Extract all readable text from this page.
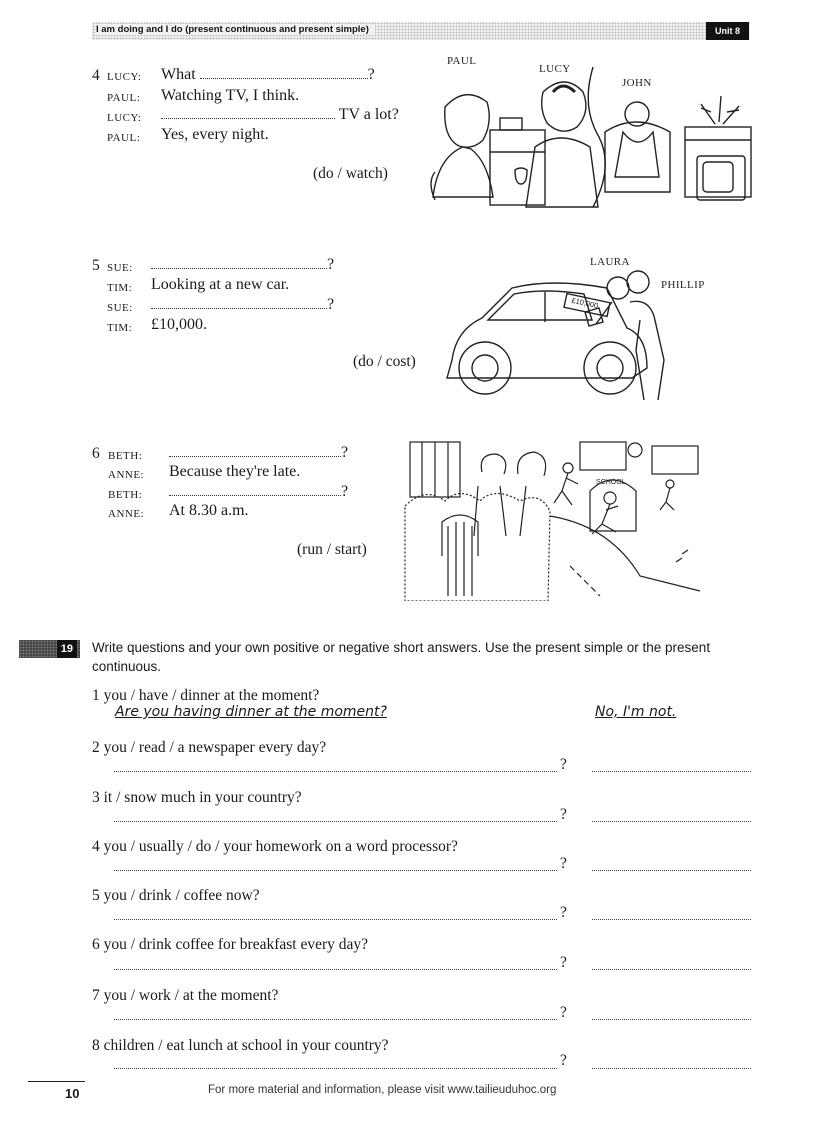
I am doing and I do (present continuous and present simple)	Unit 8
4 LUCY: What	?
PAUL: Watching TV, I think.
LUCY:	TV a lot?
PAUL: Yes, every night.
(do / watch)
PAUL
LUCY
JOHN
5 SUE:	?
TIM: Looking at a new car.
SUE:	?
TIM: £10,000.
(do / cost)
LAURA
PHILLIP
£10,000
6 BETH:	?
ANNE: Because they're late.
BETH:	?
ANNE: At 8.30 a.m.
(run / start)
SCHOOL
19 Write questions and your own positive or negative short answers. Use the present simple or the present continuous.
1 you / have / dinner at the moment?
Are you having dinner at the moment?	No, I'm not.
2 you / read / a newspaper every day?
?
3 it / snow much in your country?
?
4 you / usually / do / your homework on a word processor?
?
5 you / drink / coffee now?
?
6 you / drink coffee for breakfast every day?
?
7 you / work / at the moment?
?
8 children / eat lunch at school in your country?
?
10	For more material and information, please visit www.tailieuduhoc.org
